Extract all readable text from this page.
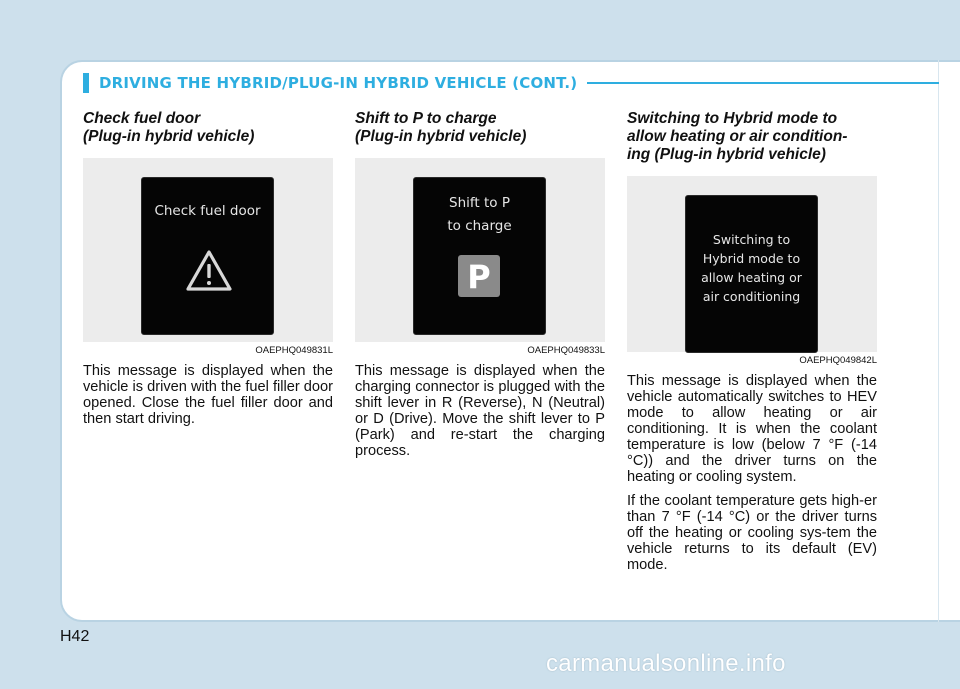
DRIVING THE HYBRID/PLUG-IN HYBRID VEHICLE (CONT.)
Check fuel door
(Plug-in hybrid vehicle)
Check fuel door
OAEPHQ049831L

This message is displayed when the vehicle is driven with the fuel filler door opened. Close the fuel filler door and then start driving.

Shift to P to charge
(Plug-in hybrid vehicle)
Shift to P
to charge
P
OAEPHQ049833L

This message is displayed when the charging connector is plugged with the shift lever in R (Reverse), N (Neutral) or D (Drive). Move the shift lever to P (Park) and re-start the charging process.

Switching to Hybrid mode to
allow heating or air condition-
ing (Plug-in hybrid vehicle)
Switching to
Hybrid mode to
allow heating or
air conditioning
OAEPHQ049842L

This message is displayed when the vehicle automatically switches to HEV mode to allow heating or air conditioning. It is when the coolant temperature is low (below 7 °F (-14 °C)) and the driver turns on the heating or cooling system.

If the coolant temperature gets high-er than 7 °F (-14 °C) or the driver turns off the heating or cooling sys-tem the vehicle returns to its default (EV) mode.

H42
carmanualsonline.info
